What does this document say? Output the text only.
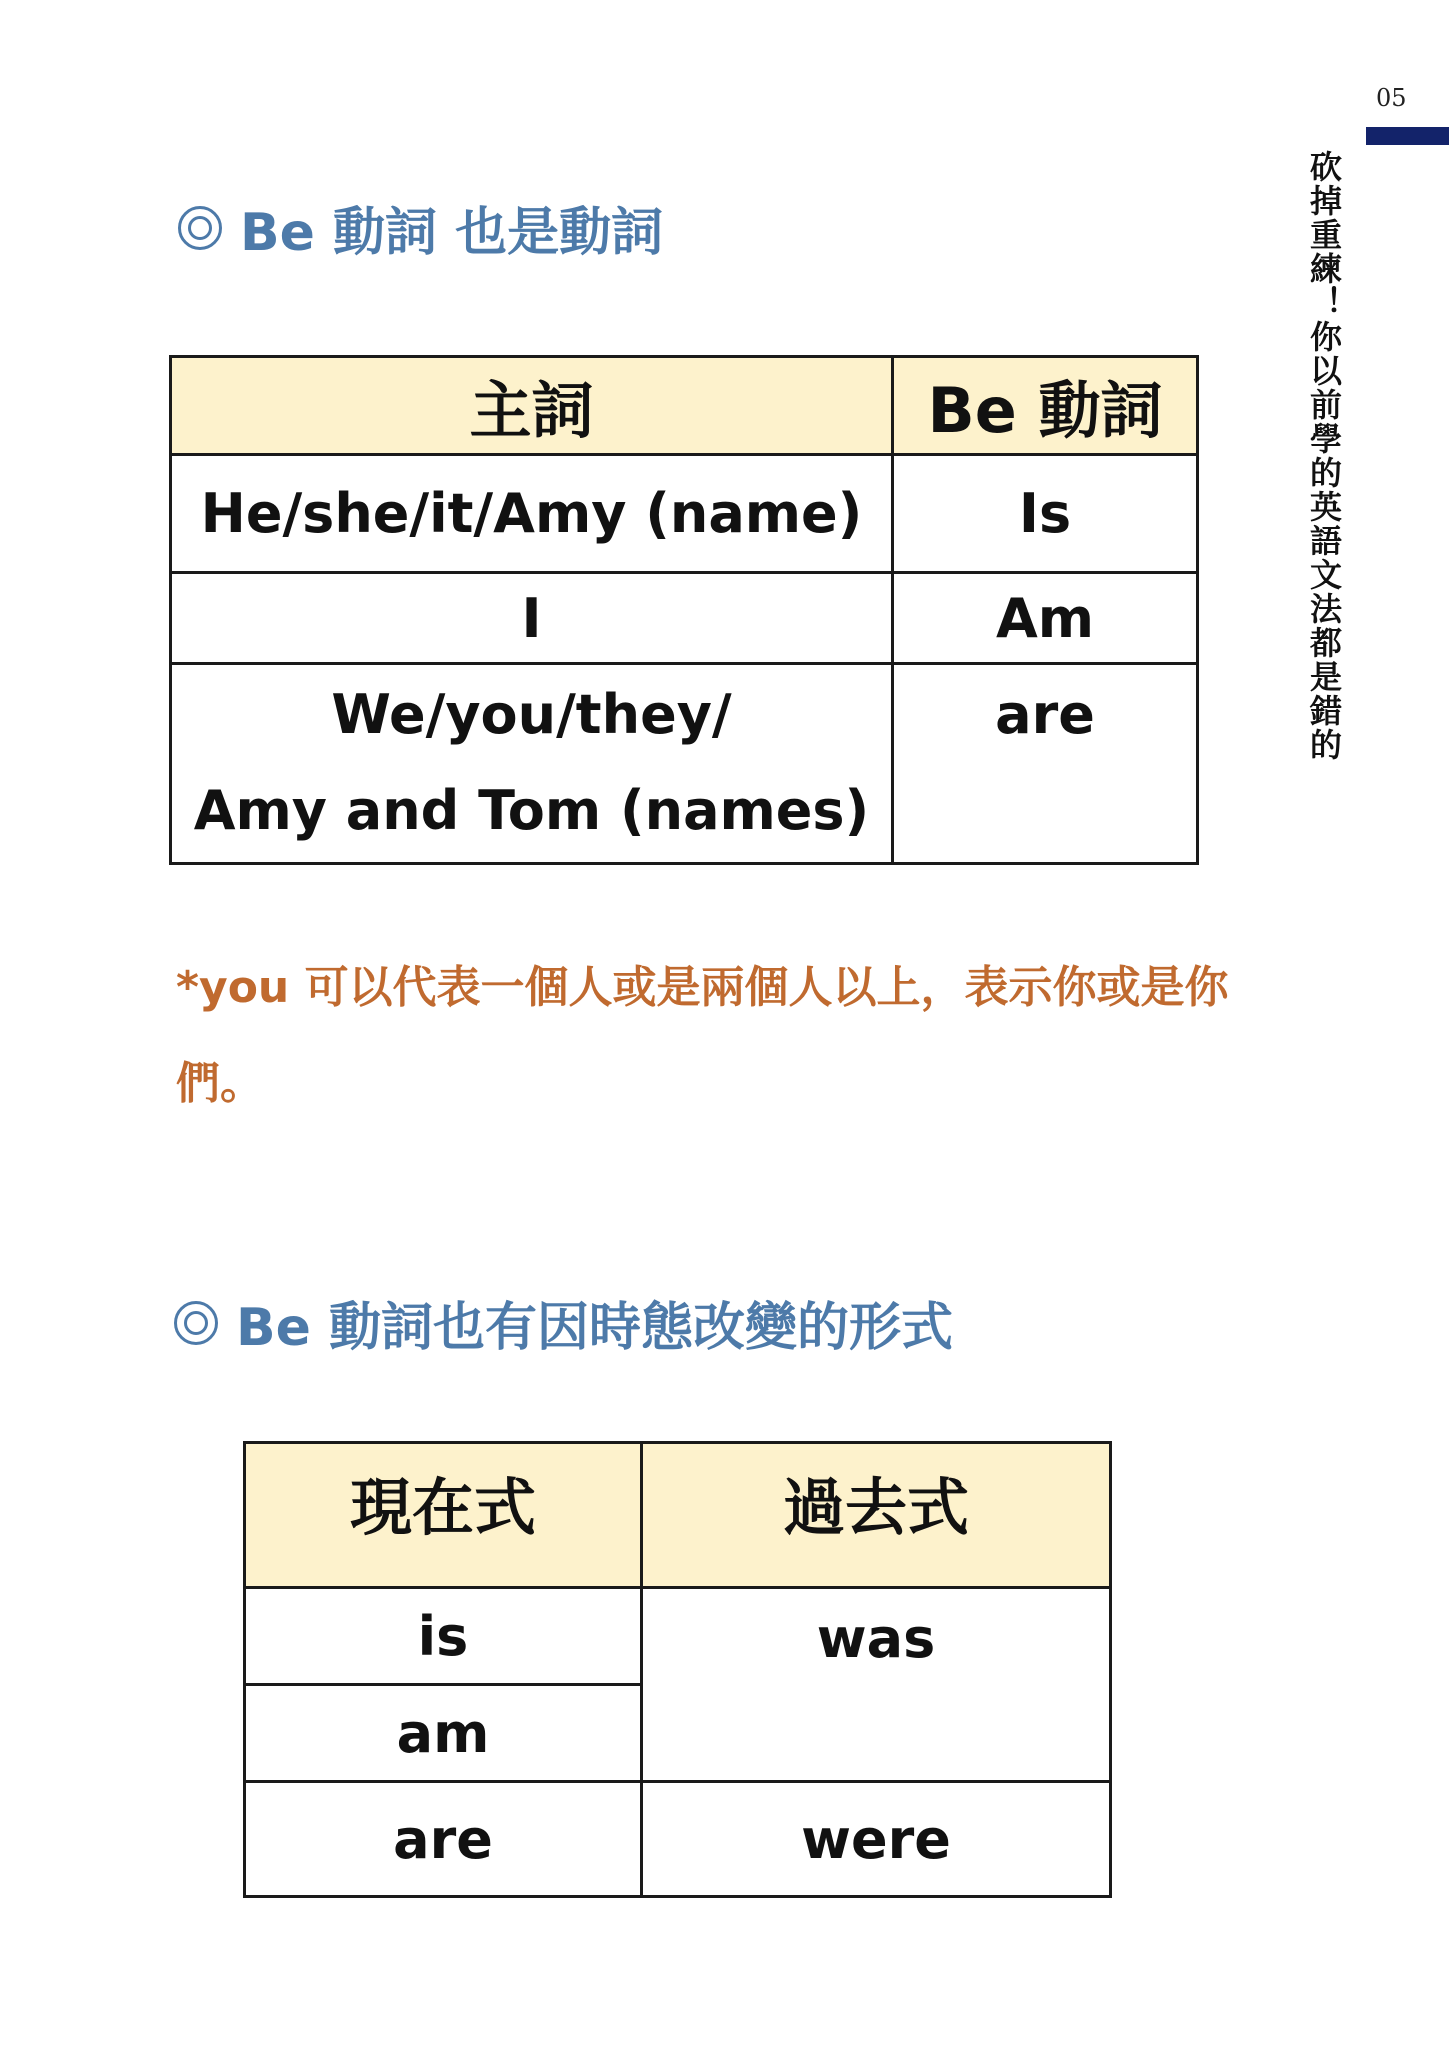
05
砍掉重練！你以前學的英語文法都是錯的
Be 動詞 也是動詞
主詞	Be 動詞
He/she/it/Amy (name)	Is
I	Am

We/you/they/
Amy and Tom (names)	are
*you 可以代表一個人或是兩個人以上，表示你或是你們。
Be 動詞也有因時態改變的形式
現在式	過去式
is	was
am	
are	were
